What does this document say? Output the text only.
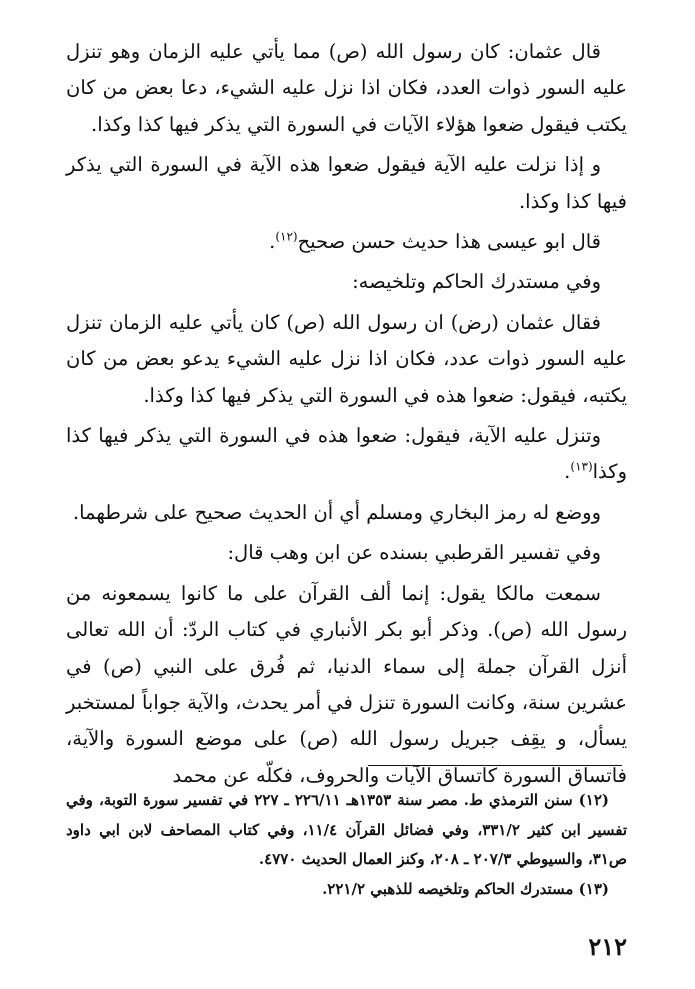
قال عثمان: كان رسول الله (ص) مما يأتي عليه الزمان وهو تنزل عليه السور ذوات العدد، فكان اذا نزل عليه الشيء، دعا بعض من كان يكتب فيقول ضعوا هؤلاء الآيات في السورة التي يذكر فيها كذا وكذا.

و إذا نزلت عليه الآية فيقول ضعوا هذه الآية في السورة التي يذكر فيها كذا وكذا.

قال ابو عيسى هذا حديث حسن صحيح$^{(١٢)}$.

وفي مستدرك الحاكم وتلخيصه:

فقال عثمان (رض) ان رسول الله (ص) كان يأتي عليه الزمان تنزل عليه السور ذوات عدد، فكان اذا نزل عليه الشيء يدعو بعض من كان يكتبه، فيقول: ضعوا هذه في السورة التي يذكر فيها كذا وكذا.

وتنزل عليه الآية، فيقول: ضعوا هذه في السورة التي يذكر فيها كذا وكذا$^{(١٣)}$.

ووضع له رمز البخاري ومسلم أي أن الحديث صحيح على شرطهما.

وفي تفسير القرطبي بسنده عن ابن وهب قال:

سمعت مالكا يقول: إنما ألف القرآن على ما كانوا يسمعونه من رسول الله (ص). وذكر أبو بكر الأنباري في كتاب الردّ: أن الله تعالى أنزل القرآن جملة إلى سماء الدنيا، ثم فُرق على النبي (ص) في عشرين سنة، وكانت السورة تنزل في أمر يحدث، والآية جواباً لمستخبر يسأل، و يقِف جبريل رسول الله (ص) على موضع السورة والآية، فاتساق السورة كاتساق الآيات والحروف، فكلّه عن محمد

(١٢) سنن الترمذي ط. مصر سنة ١٣٥٣هـ ٢٢٦/١١ ـ ٢٢٧ في تفسير سورة التوبة، وفي تفسير ابن كثير ٣٣١/٢، وفي فضائل القرآن ١١/٤، وفي كتاب المصاحف لابن ابي داود ص٣١، والسيوطي ٢٠٧/٣ ـ ٢٠٨، وكنز العمال الحديث ٤٧٧٠.

(١٣) مستدرك الحاكم وتلخيصه للذهبي ٢٢١/٢.

٢١٢
